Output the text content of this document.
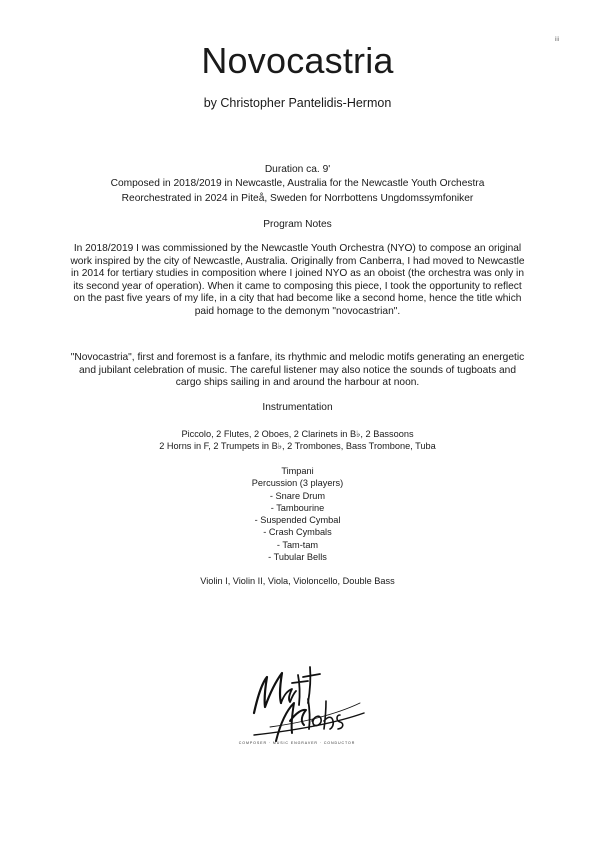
iii
Novocastria
by Christopher Pantelidis-Hermon
Duration ca. 9'
Composed in 2018/2019 in Newcastle, Australia for the Newcastle Youth Orchestra
Reorchestrated in 2024 in Piteå, Sweden for Norrbottens Ungdomssymfoniker
Program Notes

In 2018/2019 I was commissioned by the Newcastle Youth Orchestra (NYO) to compose an original work inspired by the city of Newcastle, Australia. Originally from Canberra, I had moved to Newcastle in 2014 for tertiary studies in composition where I joined NYO as an oboist (the orchestra was only in its second year of operation). When it came to composing this piece, I took the opportunity to reflect on the past five years of my life, in a city that had become like a second home, hence the title which paid homage to the demonym "novocastrian".

"Novocastria", first and foremost is a fanfare, its rhythmic and melodic motifs generating an energetic and jubilant celebration of music. The careful listener may also notice the sounds of tugboats and cargo ships sailing in and around the harbour at noon.

Instrumentation
Piccolo, 2 Flutes, 2 Oboes, 2 Clarinets in B♭, 2 Bassoons
2 Horns in F, 2 Trumpets in B♭, 2 Trombones, Bass Trombone, Tuba
Timpani
Percussion (3 players)
- Snare Drum
- Tambourine
- Suspended Cymbal
- Crash Cymbals
- Tam-tam
- Tubular Bells
Violin I, Violin II, Viola, Violoncello, Double Bass
COMPOSER · MUSIC ENGRAVER · CONDUCTOR
